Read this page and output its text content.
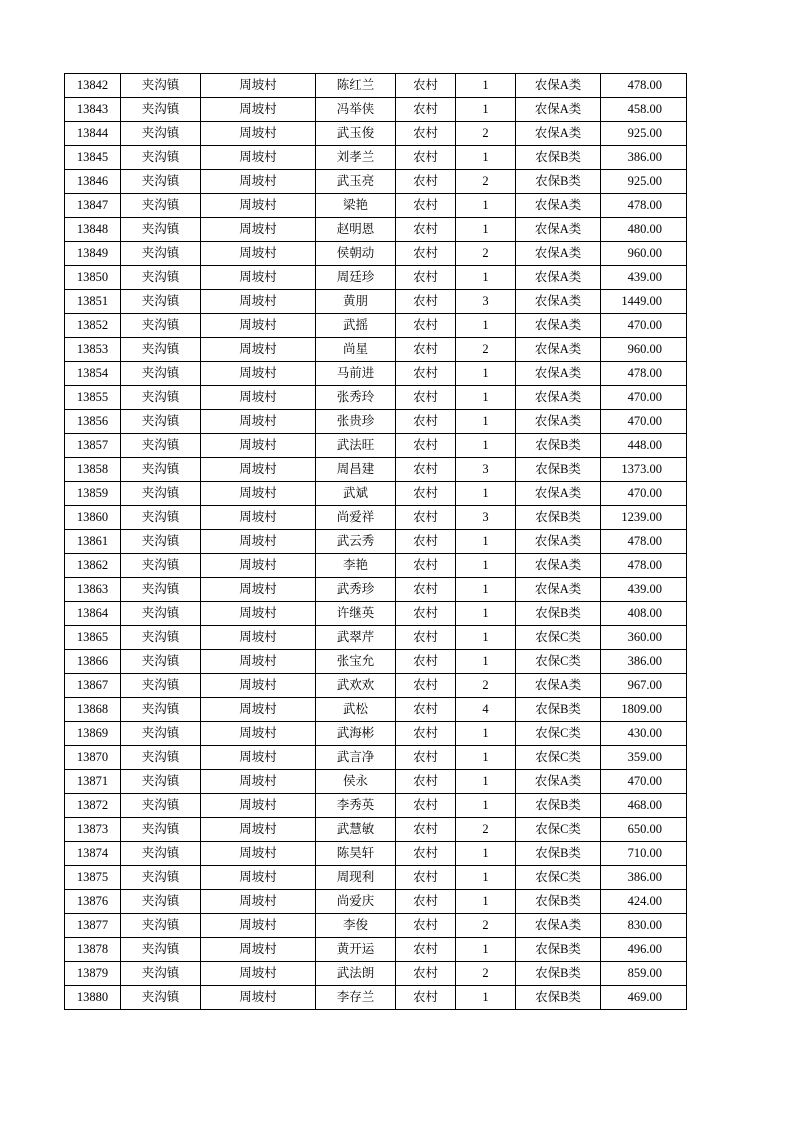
13842	夹沟镇	周坡村	陈红兰	农村	1	农保A类	478.00
13843	夹沟镇	周坡村	冯举侠	农村	1	农保A类	458.00
13844	夹沟镇	周坡村	武玉俊	农村	2	农保A类	925.00
13845	夹沟镇	周坡村	刘孝兰	农村	1	农保B类	386.00
13846	夹沟镇	周坡村	武玉亮	农村	2	农保B类	925.00
13847	夹沟镇	周坡村	梁艳	农村	1	农保A类	478.00
13848	夹沟镇	周坡村	赵明恩	农村	1	农保A类	480.00
13849	夹沟镇	周坡村	侯朝动	农村	2	农保A类	960.00
13850	夹沟镇	周坡村	周廷珍	农村	1	农保A类	439.00
13851	夹沟镇	周坡村	黄朋	农村	3	农保A类	1449.00
13852	夹沟镇	周坡村	武摇	农村	1	农保A类	470.00
13853	夹沟镇	周坡村	尚星	农村	2	农保A类	960.00
13854	夹沟镇	周坡村	马前进	农村	1	农保A类	478.00
13855	夹沟镇	周坡村	张秀玲	农村	1	农保A类	470.00
13856	夹沟镇	周坡村	张贵珍	农村	1	农保A类	470.00
13857	夹沟镇	周坡村	武法旺	农村	1	农保B类	448.00
13858	夹沟镇	周坡村	周昌建	农村	3	农保B类	1373.00
13859	夹沟镇	周坡村	武斌	农村	1	农保A类	470.00
13860	夹沟镇	周坡村	尚爱祥	农村	3	农保B类	1239.00
13861	夹沟镇	周坡村	武云秀	农村	1	农保A类	478.00
13862	夹沟镇	周坡村	李艳	农村	1	农保A类	478.00
13863	夹沟镇	周坡村	武秀珍	农村	1	农保A类	439.00
13864	夹沟镇	周坡村	许继英	农村	1	农保B类	408.00
13865	夹沟镇	周坡村	武翠芹	农村	1	农保C类	360.00
13866	夹沟镇	周坡村	张宝允	农村	1	农保C类	386.00
13867	夹沟镇	周坡村	武欢欢	农村	2	农保A类	967.00
13868	夹沟镇	周坡村	武松	农村	4	农保B类	1809.00
13869	夹沟镇	周坡村	武海彬	农村	1	农保C类	430.00
13870	夹沟镇	周坡村	武言净	农村	1	农保C类	359.00
13871	夹沟镇	周坡村	侯永	农村	1	农保A类	470.00
13872	夹沟镇	周坡村	李秀英	农村	1	农保B类	468.00
13873	夹沟镇	周坡村	武慧敏	农村	2	农保C类	650.00
13874	夹沟镇	周坡村	陈昊轩	农村	1	农保B类	710.00
13875	夹沟镇	周坡村	周现利	农村	1	农保C类	386.00
13876	夹沟镇	周坡村	尚爱庆	农村	1	农保B类	424.00
13877	夹沟镇	周坡村	李俊	农村	2	农保A类	830.00
13878	夹沟镇	周坡村	黄开运	农村	1	农保B类	496.00
13879	夹沟镇	周坡村	武法朗	农村	2	农保B类	859.00
13880	夹沟镇	周坡村	李存兰	农村	1	农保B类	469.00
